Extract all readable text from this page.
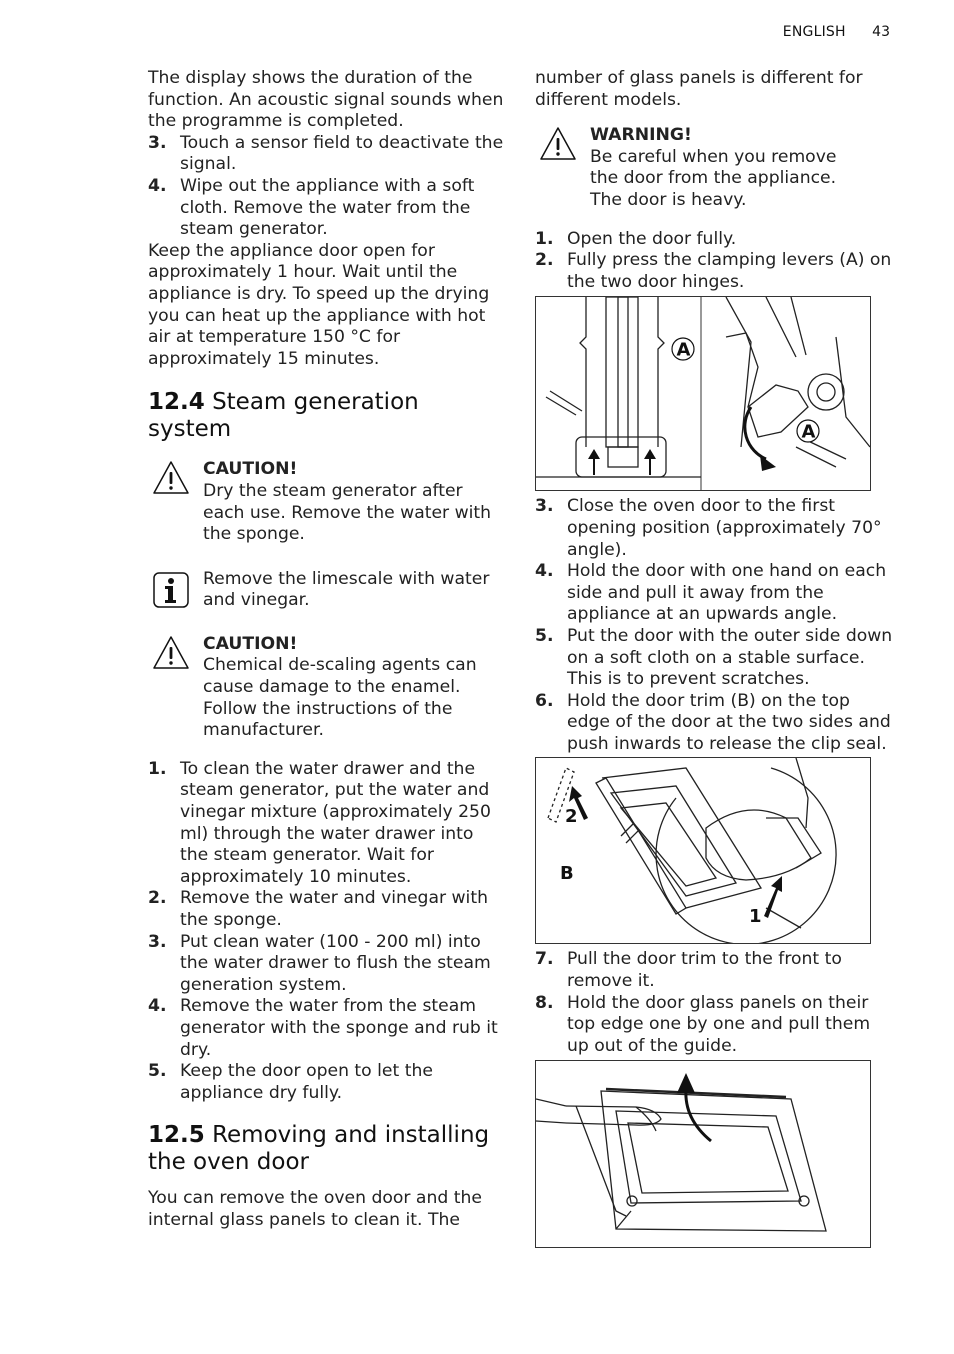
ENGLISH 43

The display shows the duration of the function. An acoustic signal sounds when the programme is completed.

3. Touch a sensor field to deactivate the signal.
4. Wipe out the appliance with a soft cloth. Remove the water from the steam generator.

Keep the appliance door open for approximately 1 hour. Wait until the appliance is dry. To speed up the drying you can heat up the appliance with hot air at temperature 150 °C for approximately 15 minutes.

12.4 Steam generation system
CAUTION!
Dry the steam generator after each use. Remove the water with the sponge.
Remove the limescale with water and vinegar.
CAUTION!
Chemical de-scaling agents can cause damage to the enamel. Follow the instructions of the manufacturer.
1. To clean the water drawer and the steam generator, put the water and vinegar mixture (approximately 250 ml) through the water drawer into the steam generator. Wait for approximately 10 minutes.
2. Remove the water and vinegar with the sponge.
3. Put clean water (100 - 200 ml) into the water drawer to flush the steam generation system.
4. Remove the water from the steam generator with the sponge and rub it dry.
5. Keep the door open to let the appliance dry fully.
12.5 Removing and installing the oven door

You can remove the oven door and the internal glass panels to clean it. The

number of glass panels is different for different models.

WARNING!
Be careful when you remove the door from the appliance. The door is heavy.
1. Open the door fully.
2. Fully press the clamping levers (A) on the two door hinges.
A
A
3. Close the oven door to the first opening position (approximately 70° angle).
4. Hold the door with one hand on each side and pull it away from the appliance at an upwards angle.
5. Put the door with the outer side down on a soft cloth on a stable surface. This is to prevent scratches.
6. Hold the door trim (B) on the top edge of the door at the two sides and push inwards to release the clip seal.
2
B
1
7. Pull the door trim to the front to remove it.
8. Hold the door glass panels on their top edge one by one and pull them up out of the guide.
